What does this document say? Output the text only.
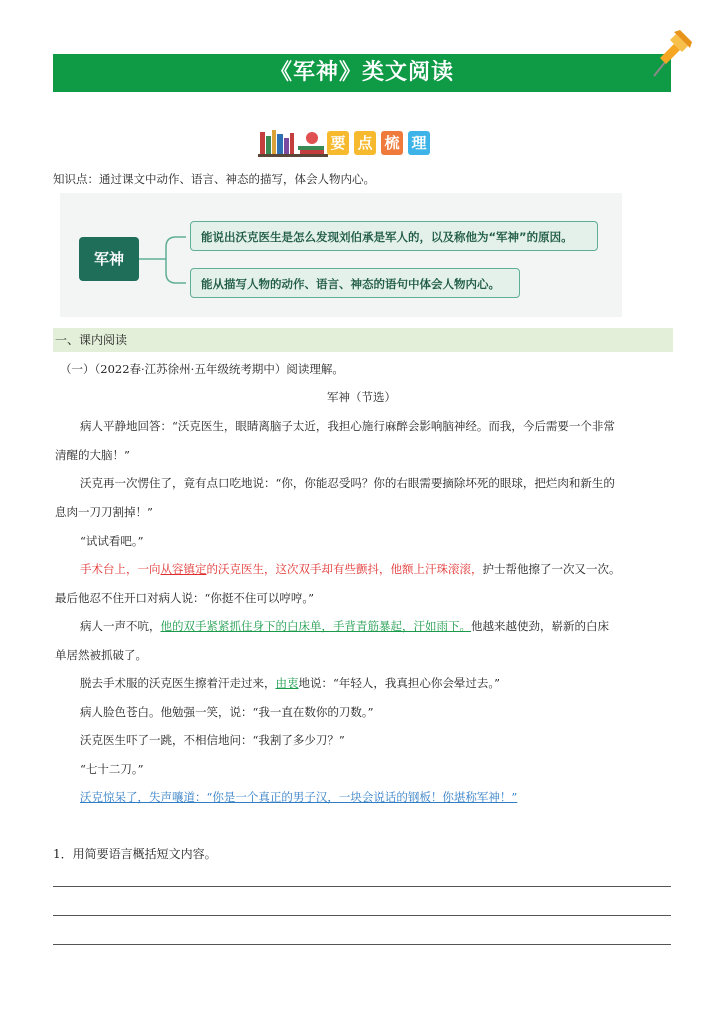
《军神》类文阅读
要 点 梳 理
知识点：通过课文中动作、语言、神态的描写，体会人物内心。
军神
能说出沃克医生是怎么发现刘伯承是军人的，以及称他为“军神”的原因。
能从描写人物的动作、语言、神态的语句中体会人物内心。
一、课内阅读
（一）（2022春·江苏徐州·五年级统考期中）阅读理解。
军神（节选）
病人平静地回答：“沃克医生，眼睛离脑子太近，我担心施行麻醉会影响脑神经。而我，今后需要一个非常
清醒的大脑！”
沃克再一次愣住了，竟有点口吃地说：“你，你能忍受吗？你的右眼需要摘除坏死的眼球，把烂肉和新生的
息肉一刀刀割掉！”
“试试看吧。”
手术台上，一向从容镇定的沃克医生，这次双手却有些颤抖，他额上汗珠滚滚，护士帮他擦了一次又一次。
最后他忍不住开口对病人说：“你挺不住可以哼哼。”
病人一声不吭，他的双手紧紧抓住身下的白床单，手背青筋暴起，汗如雨下。他越来越使劲，崭新的白床
单居然被抓破了。
脱去手术服的沃克医生擦着汗走过来，由衷地说：“年轻人，我真担心你会晕过去。”
病人脸色苍白。他勉强一笑，说：“我一直在数你的刀数。”
沃克医生吓了一跳，不相信地问：“我割了多少刀？”
“七十二刀。”
沃克惊呆了，失声嚷道：“你是一个真正的男子汉，一块会说话的钢板！你堪称军神！”
1．用简要语言概括短文内容。
